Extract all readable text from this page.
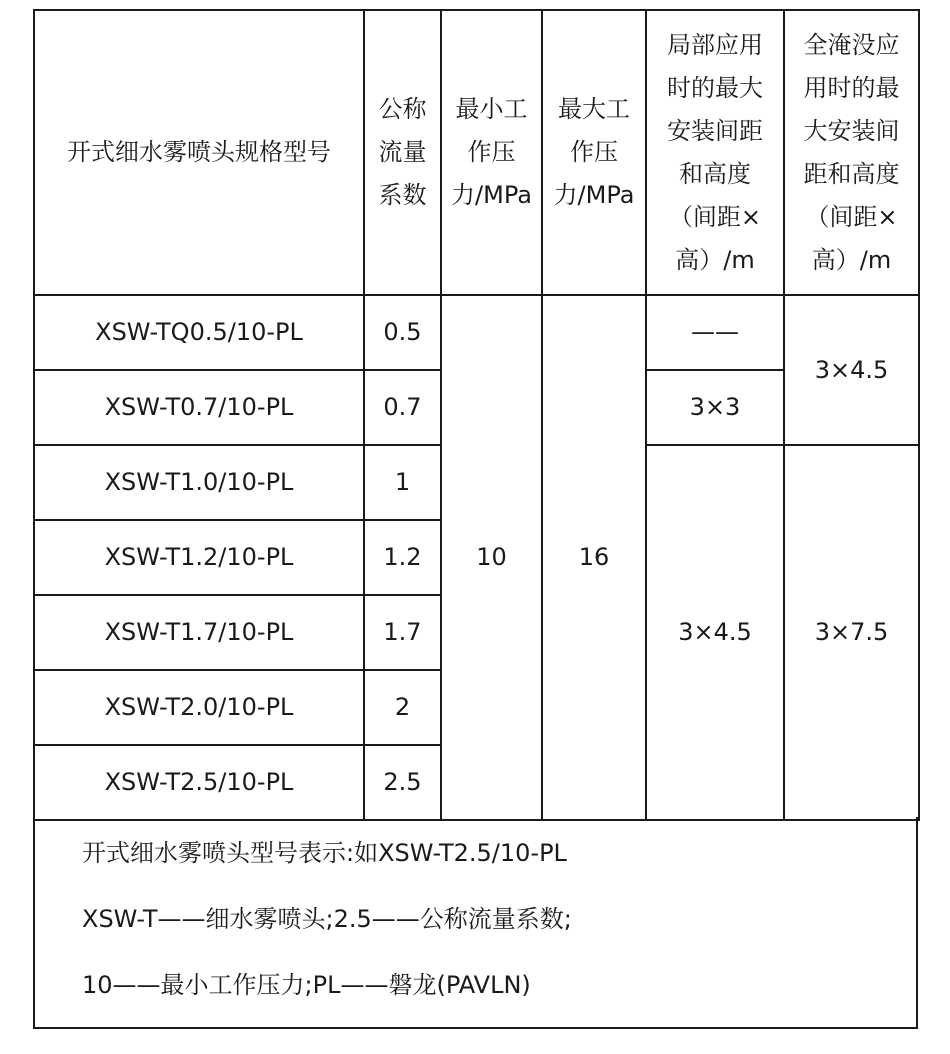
开式细水雾喷头规格型号	公称流量系数	最小工作压力/MPa	最大工作压力/MPa	局部应用时的最大安装间距和高度（间距×高）/m	全淹没应用时的最大安装间距和高度（间距×高）/m

XSW-TQ0.5/10-PL	0.5	10	16	——	3×4.5
XSW-T0.7/10-PL	0.7			3×3	
XSW-T1.0/10-PL	1			3×4.5	3×7.5
XSW-T1.2/10-PL	1.2				
XSW-T1.7/10-PL	1.7				
XSW-T2.0/10-PL	2				
XSW-T2.5/10-PL	2.5				
开式细水雾喷头型号表示:如XSW-T2.5/10-PL
XSW-T——细水雾喷头;2.5——公称流量系数;
10——最小工作压力;PL——磐龙(PAVLN)
